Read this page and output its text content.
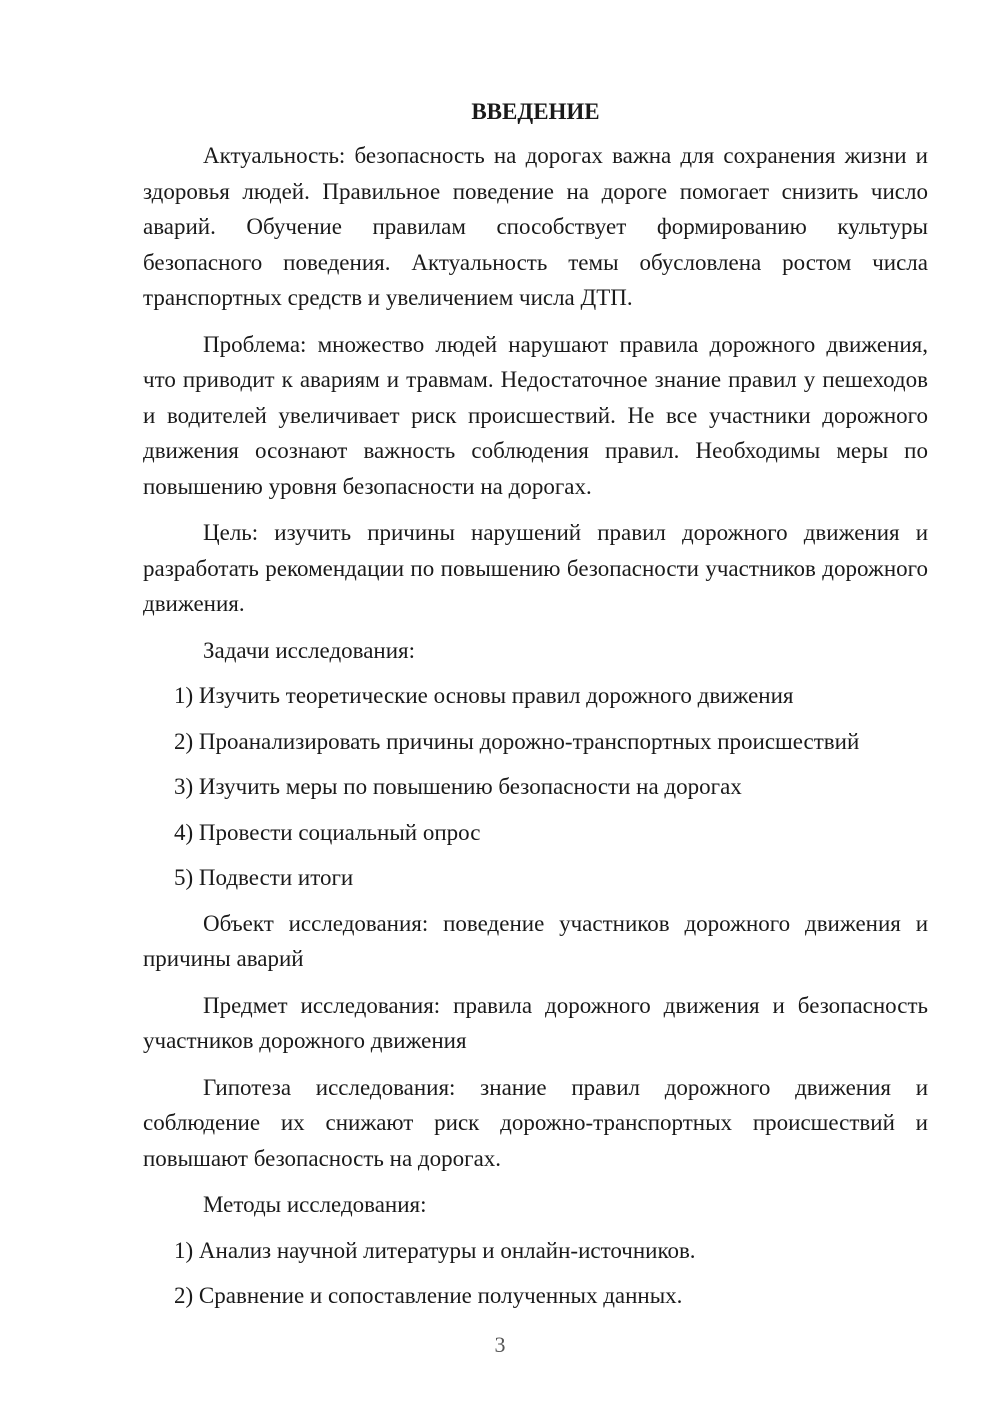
ВВЕДЕНИЕ

Актуальность: безопасность на дорогах важна для сохранения жизни и здоровья людей. Правильное поведение на дороге помогает снизить число аварий. Обучение правилам способствует формированию культуры безопасного поведения. Актуальность темы обусловлена ростом числа транспортных средств и увеличением числа ДТП.

Проблема: множество людей нарушают правила дорожного движения, что приводит к авариям и травмам. Недостаточное знание правил у пешеходов и водителей увеличивает риск происшествий. Не все участники дорожного движения осознают важность соблюдения правил. Необходимы меры по повышению уровня безопасности на дорогах.

Цель: изучить причины нарушений правил дорожного движения и разработать рекомендации по повышению безопасности участников дорожного движения.

Задачи исследования:
1) Изучить теоретические основы правил дорожного движения
2) Проанализировать причины дорожно-транспортных происшествий
3) Изучить меры по повышению безопасности на дорогах
4) Провести социальный опрос
5) Подвести итоги

Объект исследования: поведение участников дорожного движения и причины аварий

Предмет исследования: правила дорожного движения и безопасность участников дорожного движения

Гипотеза исследования: знание правил дорожного движения и соблюдение их снижают риск дорожно-транспортных происшествий и повышают безопасность на дорогах.

Методы исследования:
1) Анализ научной литературы и онлайн-источников.
2) Сравнение и сопоставление полученных данных.
3
